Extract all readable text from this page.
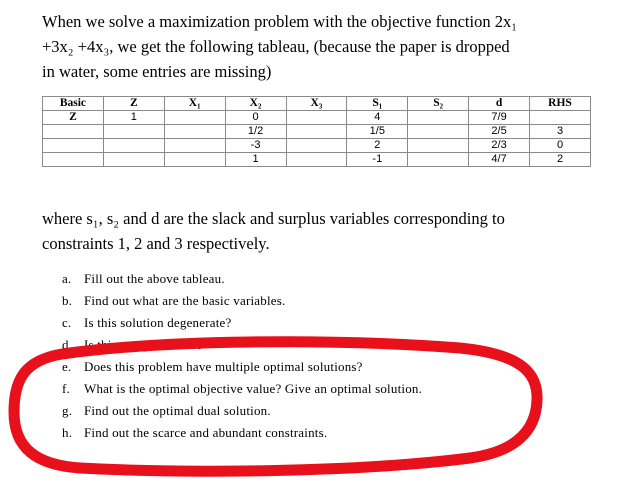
When we solve a maximization problem with the objective function 2x₁
+3x₂ +4x₃, we get the following tableau, (because the paper is dropped
in water, some entries are missing)
Basic	Z	X₁	X₂	X₃	S₁	S₂	d	RHS
Z	1		0		4		7/9	
			1/2		1/5		2/5	3
			-3		2		2/3	0
			1		-1		4/7	2
where s₁, s₂ and d are the slack and surplus variables corresponding to
constraints 1, 2 and 3 respectively.
a. Fill out the above tableau.
b. Find out what are the basic variables.
c. Is this solution degenerate?
d. Is this an optimal tabl
e. Does this problem have multiple optimal solutions?
f. What is the optimal objective value? Give an optimal solution.
g. Find out the optimal dual solution.
h. Find out the scarce and abundant constraints.
